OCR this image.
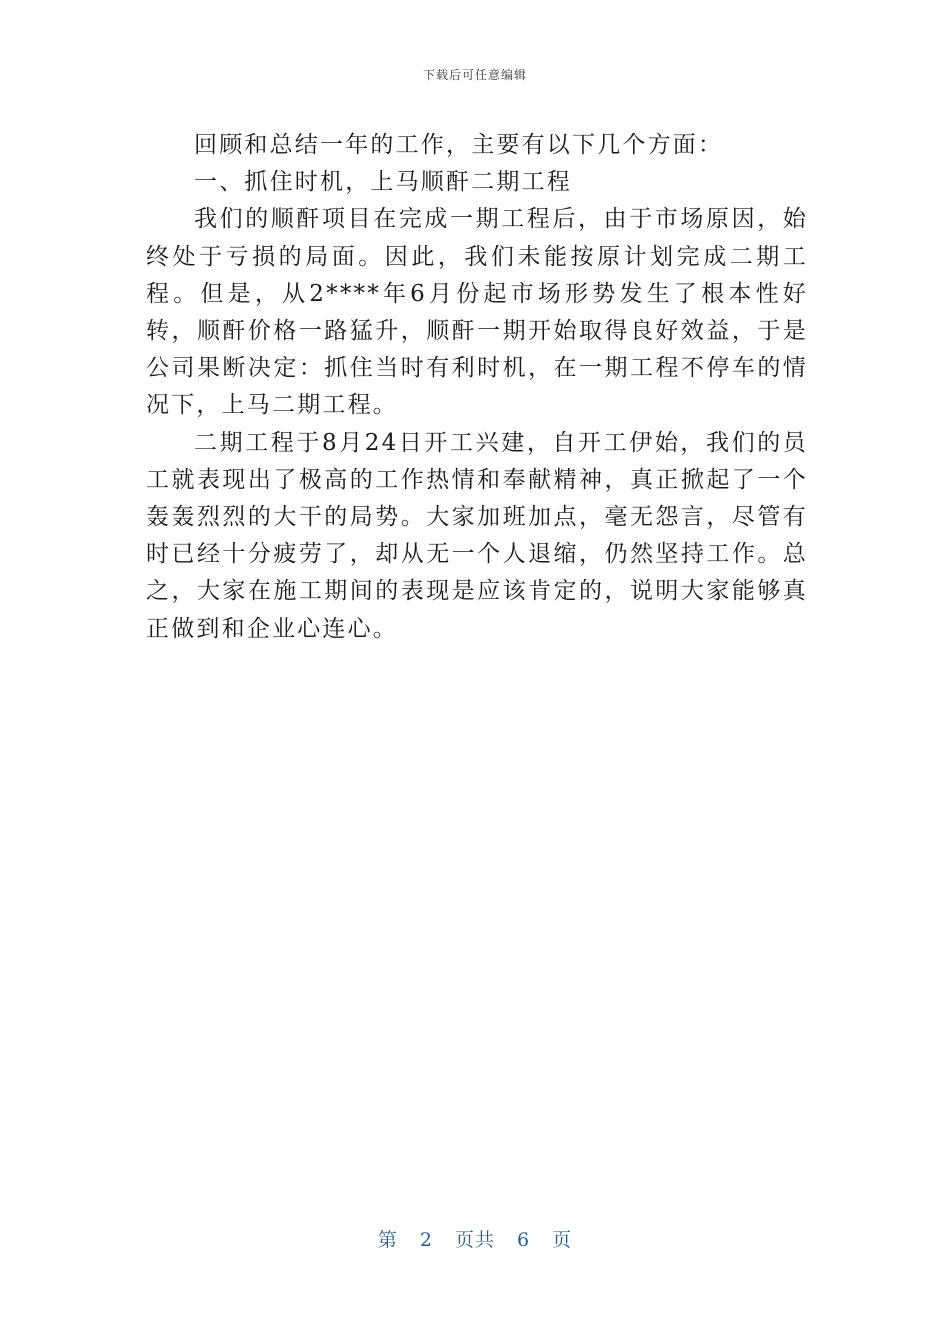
下载后可任意编辑

回顾和总结一年的工作，主要有以下几个方面：

一、抓住时机，上马顺酐二期工程

我们的顺酐项目在完成一期工程后，由于市场原因，始终处于亏损的局面。因此，我们未能按原计划完成二期工程。但是，从2****年6月份起市场形势发生了根本性好转，顺酐价格一路猛升，顺酐一期开始取得良好效益，于是公司果断决定：抓住当时有利时机，在一期工程不停车的情况下，上马二期工程。

二期工程于8月24日开工兴建，自开工伊始，我们的员工就表现出了极高的工作热情和奉献精神，真正掀起了一个轰轰烈烈的大干的局势。大家加班加点，毫无怨言，尽管有时已经十分疲劳了，却从无一个人退缩，仍然坚持工作。总之，大家在施工期间的表现是应该肯定的，说明大家能够真正做到和企业心连心。

第 2 页共 6 页
